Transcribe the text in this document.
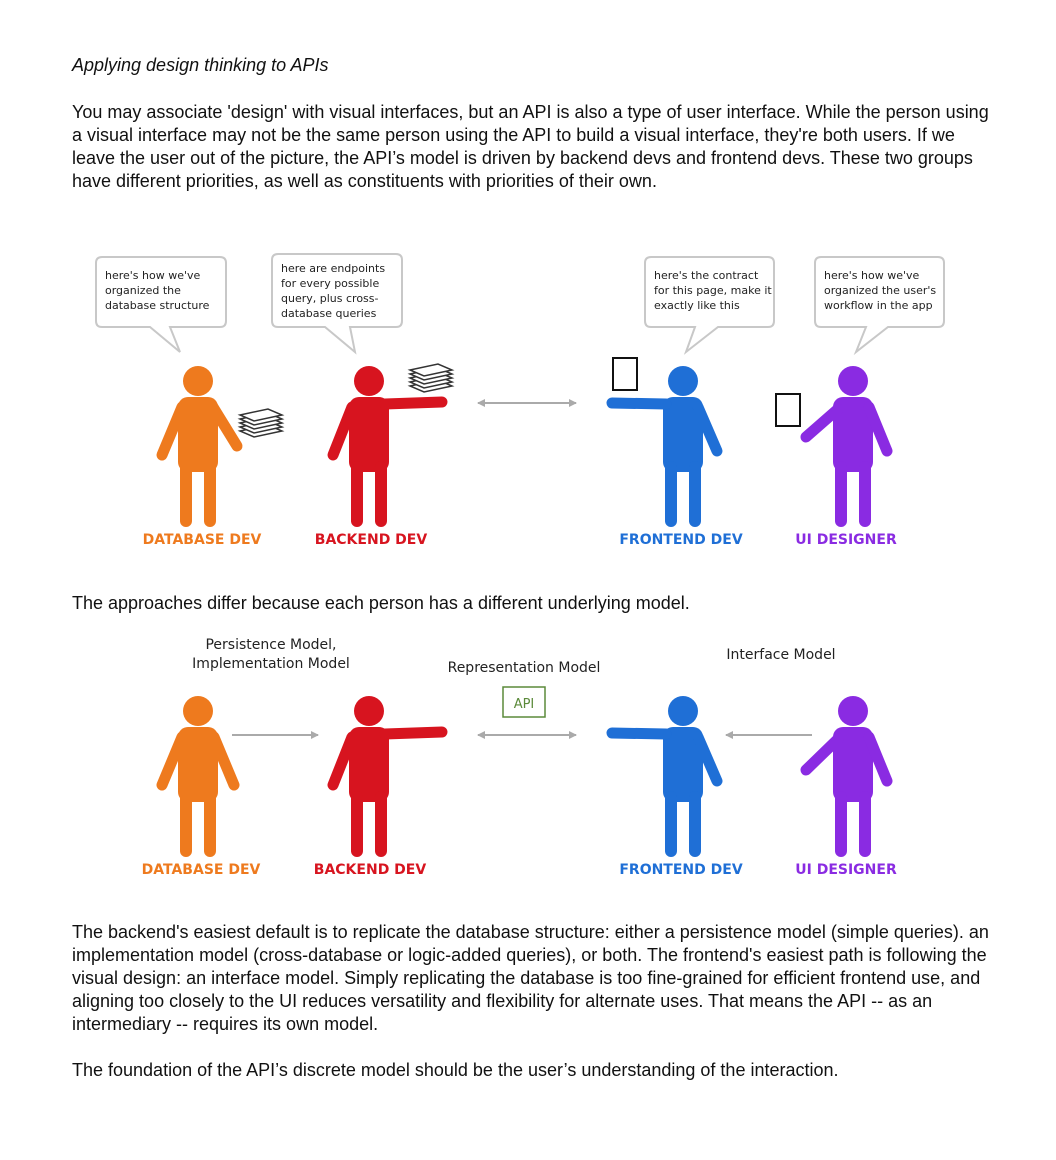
Applying design thinking to APIs

You may associate 'design' with visual interfaces, but an API is also a type of user interface. While the person using a visual interface may not be the same person using the API to build a visual interface, they're both users. If we leave the user out of the picture, the API’s model is driven by backend devs and frontend devs. These two groups have different priorities, as well as constituents with priorities of their own.

here's how we've
organized the
database structure
here are endpoints
for every possible
query, plus cross-
database queries
here's the contract
for this page, make it
exactly like this
here's how we've
organized the user's
workflow in the app
DATABASE DEV	BACKEND DEV	FRONTEND DEV	UI DESIGNER

The approaches differ because each person has a different underlying model.

Persistence Model,
Implementation Model	Representation Model
Interface Model
API
DATABASE DEV	BACKEND DEV	FRONTEND DEV	UI DESIGNER

The backend's easiest default is to replicate the database structure: either a persistence model (simple queries). an implementation model (cross-database or logic-added queries), or both. The frontend's easiest path is following the visual design: an interface model. Simply replicating the database is too fine-grained for efficient frontend use, and aligning too closely to the UI reduces versatility and flexibility for alternate uses. That means the API -- as an intermediary -- requires its own model.

The foundation of the API’s discrete model should be the user’s understanding of the interaction.
